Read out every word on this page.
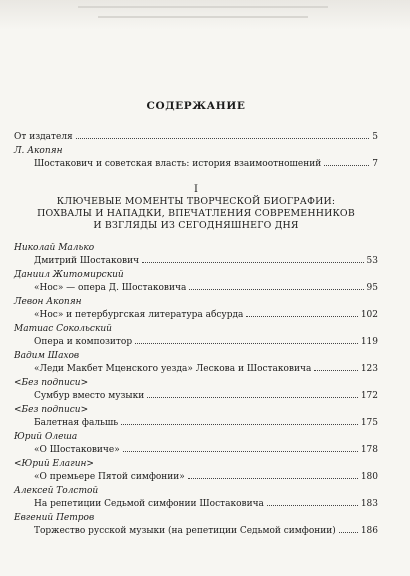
СОДЕРЖАНИЕ
От издателя	5
Л. Акопян
Шостакович и советская власть: история взаимоотношений	7
I
КЛЮЧЕВЫЕ МОМЕНТЫ ТВОРЧЕСКОЙ БИОГРАФИИ:
ПОХВАЛЫ И НАПАДКИ, ВПЕЧАТЛЕНИЯ СОВРЕМЕННИКОВ
И ВЗГЛЯДЫ ИЗ СЕГОДНЯШНЕГО ДНЯ
Николай Малько
Дмитрий Шостакович	53
Даниил Житомирский
«Нос» — опера Д. Шостаковича	95
Левон Акопян
«Нос» и петербургская литература абсурда	102
Матиас Сокольский
Опера и композитор	119
Вадим Шахов
«Леди Макбет Мценского уезда» Лескова и Шостаковича	123
<Без подписи>
Сумбур вместо музыки	172
<Без подписи>
Балетная фальшь	175
Юрий Олеша
«О Шостаковиче»	178
<Юрий Елагин>
«О премьере Пятой симфонии»	180
Алексей Толстой
На репетиции Седьмой симфонии Шостаковича	183
Евгений Петров
Торжество русской музыки (на репетиции Седьмой симфонии)	186
